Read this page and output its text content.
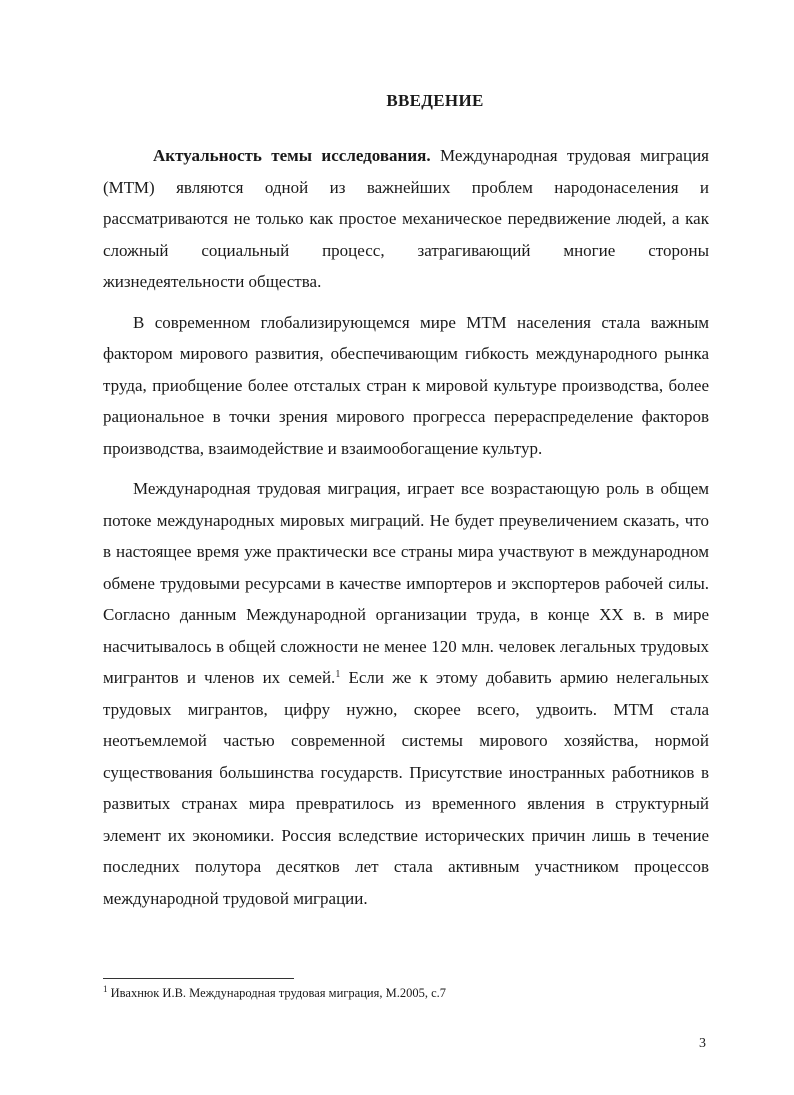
ВВЕДЕНИЕ

Актуальность темы исследования. Международная трудовая миграция (МТМ) являются одной из важнейших проблем народонаселения и рассматриваются не только как простое механическое передвижение людей, а как сложный социальный процесс, затрагивающий многие стороны жизнедеятельности общества.

В современном глобализирующемся мире МТМ населения стала важным фактором мирового развития, обеспечивающим гибкость международного рынка труда, приобщение более отсталых стран к мировой культуре производства, более рациональное в точки зрения мирового прогресса перераспределение факторов производства, взаимодействие и взаимообогащение культур.

Международная трудовая миграция, играет все возрастающую роль в общем потоке международных мировых миграций. Не будет преувеличением сказать, что в настоящее время уже практически все страны мира участвуют в международном обмене трудовыми ресурсами в качестве импортеров и экспортеров рабочей силы. Согласно данным Международной организации труда, в конце XX в. в мире насчитывалось в общей сложности не менее 120 млн. человек легальных трудовых мигрантов и членов их семей.$^1$ Если же к этому добавить армию нелегальных трудовых мигрантов, цифру нужно, скорее всего, удвоить. МТМ стала неотъемлемой частью современной системы мирового хозяйства, нормой существования большинства государств. Присутствие иностранных работников в развитых странах мира превратилось из временного явления в структурный элемент их экономики. Россия вследствие исторических причин лишь в течение последних полутора десятков лет стала активным участником процессов международной трудовой миграции.

$^1$ Ивахнюк И.В. Международная трудовая миграция, М.2005, с.7
3
